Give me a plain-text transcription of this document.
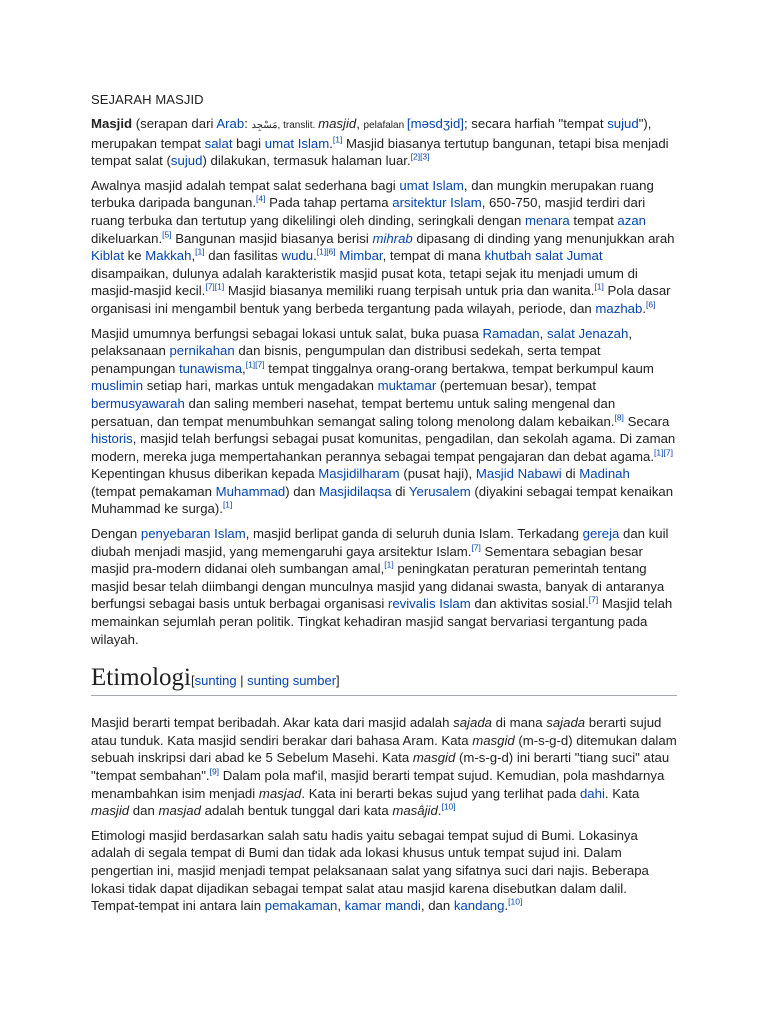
SEJARAH MASJID

Masjid (serapan dari Arab: مَسْجِد, translit. masjid, pelafalan [məsdʒid]; secara harfiah "tempat sujud"), merupakan tempat salat bagi umat Islam.[1] Masjid biasanya tertutup bangunan, tetapi bisa menjadi tempat salat (sujud) dilakukan, termasuk halaman luar.[2][3]

Awalnya masjid adalah tempat salat sederhana bagi umat Islam, dan mungkin merupakan ruang terbuka daripada bangunan.[4] Pada tahap pertama arsitektur Islam, 650-750, masjid terdiri dari ruang terbuka dan tertutup yang dikelilingi oleh dinding, seringkali dengan menara tempat azan dikeluarkan.[5] Bangunan masjid biasanya berisi mihrab dipasang di dinding yang menunjukkan arah Kiblat ke Makkah,[1] dan fasilitas wudu.[1][6] Mimbar, tempat di mana khutbah salat Jumat disampaikan, dulunya adalah karakteristik masjid pusat kota, tetapi sejak itu menjadi umum di masjid-masjid kecil.[7][1] Masjid biasanya memiliki ruang terpisah untuk pria dan wanita.[1] Pola dasar organisasi ini mengambil bentuk yang berbeda tergantung pada wilayah, periode, dan mazhab.[6]

Masjid umumnya berfungsi sebagai lokasi untuk salat, buka puasa Ramadan, salat Jenazah, pelaksanaan pernikahan dan bisnis, pengumpulan dan distribusi sedekah, serta tempat penampungan tunawisma,[1][7] tempat tinggalnya orang-orang bertakwa, tempat berkumpul kaum muslimin setiap hari, markas untuk mengadakan muktamar (pertemuan besar), tempat bermusyawarah dan saling memberi nasehat, tempat bertemu untuk saling mengenal dan persatuan, dan tempat menumbuhkan semangat saling tolong menolong dalam kebaikan.[8] Secara historis, masjid telah berfungsi sebagai pusat komunitas, pengadilan, dan sekolah agama. Di zaman modern, mereka juga mempertahankan perannya sebagai tempat pengajaran dan debat agama.[1][7] Kepentingan khusus diberikan kepada Masjidilharam (pusat haji), Masjid Nabawi di Madinah (tempat pemakaman Muhammad) dan Masjidilaqsa di Yerusalem (diyakini sebagai tempat kenaikan Muhammad ke surga).[1]

Dengan penyebaran Islam, masjid berlipat ganda di seluruh dunia Islam. Terkadang gereja dan kuil diubah menjadi masjid, yang memengaruhi gaya arsitektur Islam.[7] Sementara sebagian besar masjid pra-modern didanai oleh sumbangan amal,[1] peningkatan peraturan pemerintah tentang masjid besar telah diimbangi dengan munculnya masjid yang didanai swasta, banyak di antaranya berfungsi sebagai basis untuk berbagai organisasi revivalis Islam dan aktivitas sosial.[7] Masjid telah memainkan sejumlah peran politik. Tingkat kehadiran masjid sangat bervariasi tergantung pada wilayah.

Etimologi[sunting | sunting sumber]

Masjid berarti tempat beribadah. Akar kata dari masjid adalah sajada di mana sajada berarti sujud atau tunduk. Kata masjid sendiri berakar dari bahasa Aram. Kata masgid (m-s-g-d) ditemukan dalam sebuah inskripsi dari abad ke 5 Sebelum Masehi. Kata masgid (m-s-g-d) ini berarti "tiang suci" atau "tempat sembahan".[9] Dalam pola maf'il, masjid berarti tempat sujud. Kemudian, pola mashdarnya menambahkan isim menjadi masjad. Kata ini berarti bekas sujud yang terlihat pada dahi. Kata masjid dan masjad adalah bentuk tunggal dari kata masâjid.[10]

Etimologi masjid berdasarkan salah satu hadis yaitu sebagai tempat sujud di Bumi. Lokasinya adalah di segala tempat di Bumi dan tidak ada lokasi khusus untuk tempat sujud ini. Dalam pengertian ini, masjid menjadi tempat pelaksanaan salat yang sifatnya suci dari najis. Beberapa lokasi tidak dapat dijadikan sebagai tempat salat atau masjid karena disebutkan dalam dalil. Tempat-tempat ini antara lain pemakaman, kamar mandi, dan kandang.[10]
